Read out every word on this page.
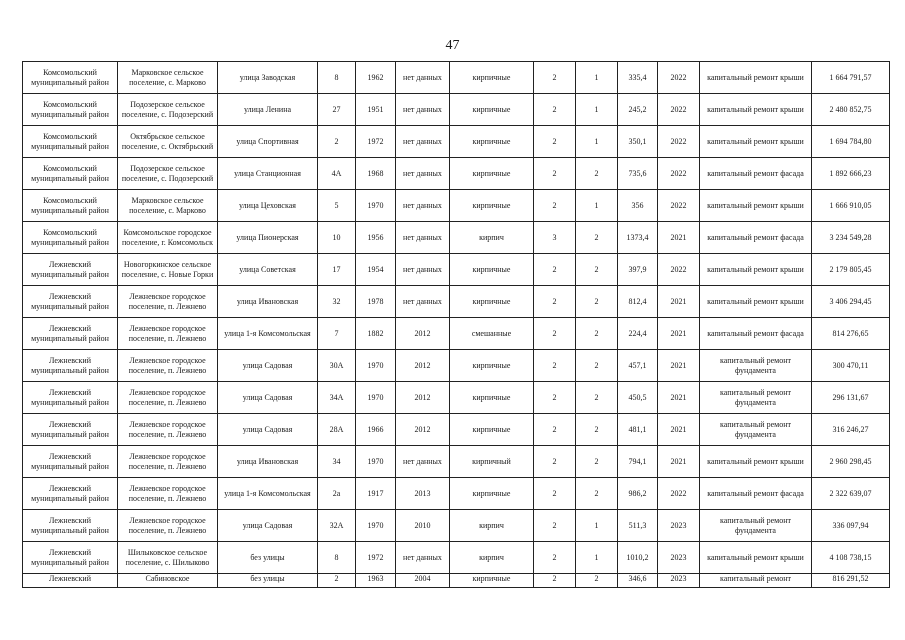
47
Комсомольский муниципальный район	Марковское сельское поселение, с. Марково	улица Заводская	8	1962	нет данных	кирпичные	2	1	335,4	2022	капитальный ремонт крыши	1 664 791,57
Комсомольский муниципальный район	Подозерское сельское поселение, с. Подозерский	улица Ленина	27	1951	нет данных	кирпичные	2	1	245,2	2022	капитальный ремонт крыши	2 480 852,75
Комсомольский муниципальный район	Октябрьское сельское поселение, с. Октябрьский	улица Спортивная	2	1972	нет данных	кирпичные	2	1	350,1	2022	капитальный ремонт крыши	1 694 784,80
Комсомольский муниципальный район	Подозерское сельское поселение, с. Подозерский	улица Станционная	4А	1968	нет данных	кирпичные	2	2	735,6	2022	капитальный ремонт фасада	1 892 666,23
Комсомольский муниципальный район	Марковское сельское поселение, с. Марково	улица Цеховская	5	1970	нет данных	кирпичные	2	1	356	2022	капитальный ремонт крыши	1 666 910,05
Комсомольский муниципальный район	Комсомольское городское поселение, г. Комсомольск	улица Пионерская	10	1956	нет данных	кирпич	3	2	1373,4	2021	капитальный ремонт фасада	3 234 549,28
Лежневский муниципальный район	Новогоркинское сельское поселение, с. Новые Горки	улица Советская	17	1954	нет данных	кирпичные	2	2	397,9	2022	капитальный ремонт крыши	2 179 805,45
Лежневский муниципальный район	Лежневское городское поселение, п. Лежнево	улица Ивановская	32	1978	нет данных	кирпичные	2	2	812,4	2021	капитальный ремонт крыши	3 406 294,45
Лежневский муниципальный район	Лежневское городское поселение, п. Лежнево	улица 1-я Комсомольская	7	1882	2012	смешанные	2	2	224,4	2021	капитальный ремонт фасада	814 276,65
Лежневский муниципальный район	Лежневское городское поселение, п. Лежнево	улица Садовая	30А	1970	2012	кирпичные	2	2	457,1	2021	капитальный ремонт фундамента	300 470,11
Лежневский муниципальный район	Лежневское городское поселение, п. Лежнево	улица Садовая	34А	1970	2012	кирпичные	2	2	450,5	2021	капитальный ремонт фундамента	296 131,67
Лежневский муниципальный район	Лежневское городское поселение, п. Лежнево	улица Садовая	28А	1966	2012	кирпичные	2	2	481,1	2021	капитальный ремонт фундамента	316 246,27
Лежневский муниципальный район	Лежневское городское поселение, п. Лежнево	улица Ивановская	34	1970	нет данных	кирпичный	2	2	794,1	2021	капитальный ремонт крыши	2 960 298,45
Лежневский муниципальный район	Лежневское городское поселение, п. Лежнево	улица 1-я Комсомольская	2а	1917	2013	кирпичные	2	2	986,2	2022	капитальный ремонт фасада	2 322 639,07
Лежневский муниципальный район	Лежневское городское поселение, п. Лежнево	улица Садовая	32А	1970	2010	кирпич	2	1	511,3	2023	капитальный ремонт фундамента	336 097,94
Лежневский муниципальный район	Шилыковское сельское поселение, с. Шилыково	без улицы	8	1972	нет данных	кирпич	2	1	1010,2	2023	капитальный ремонт крыши	4 108 738,15
Лежневский	Сабиновское	без улицы	2	1963	2004	кирпичные	2	2	346,6	2023	капитальный ремонт	816 291,52
